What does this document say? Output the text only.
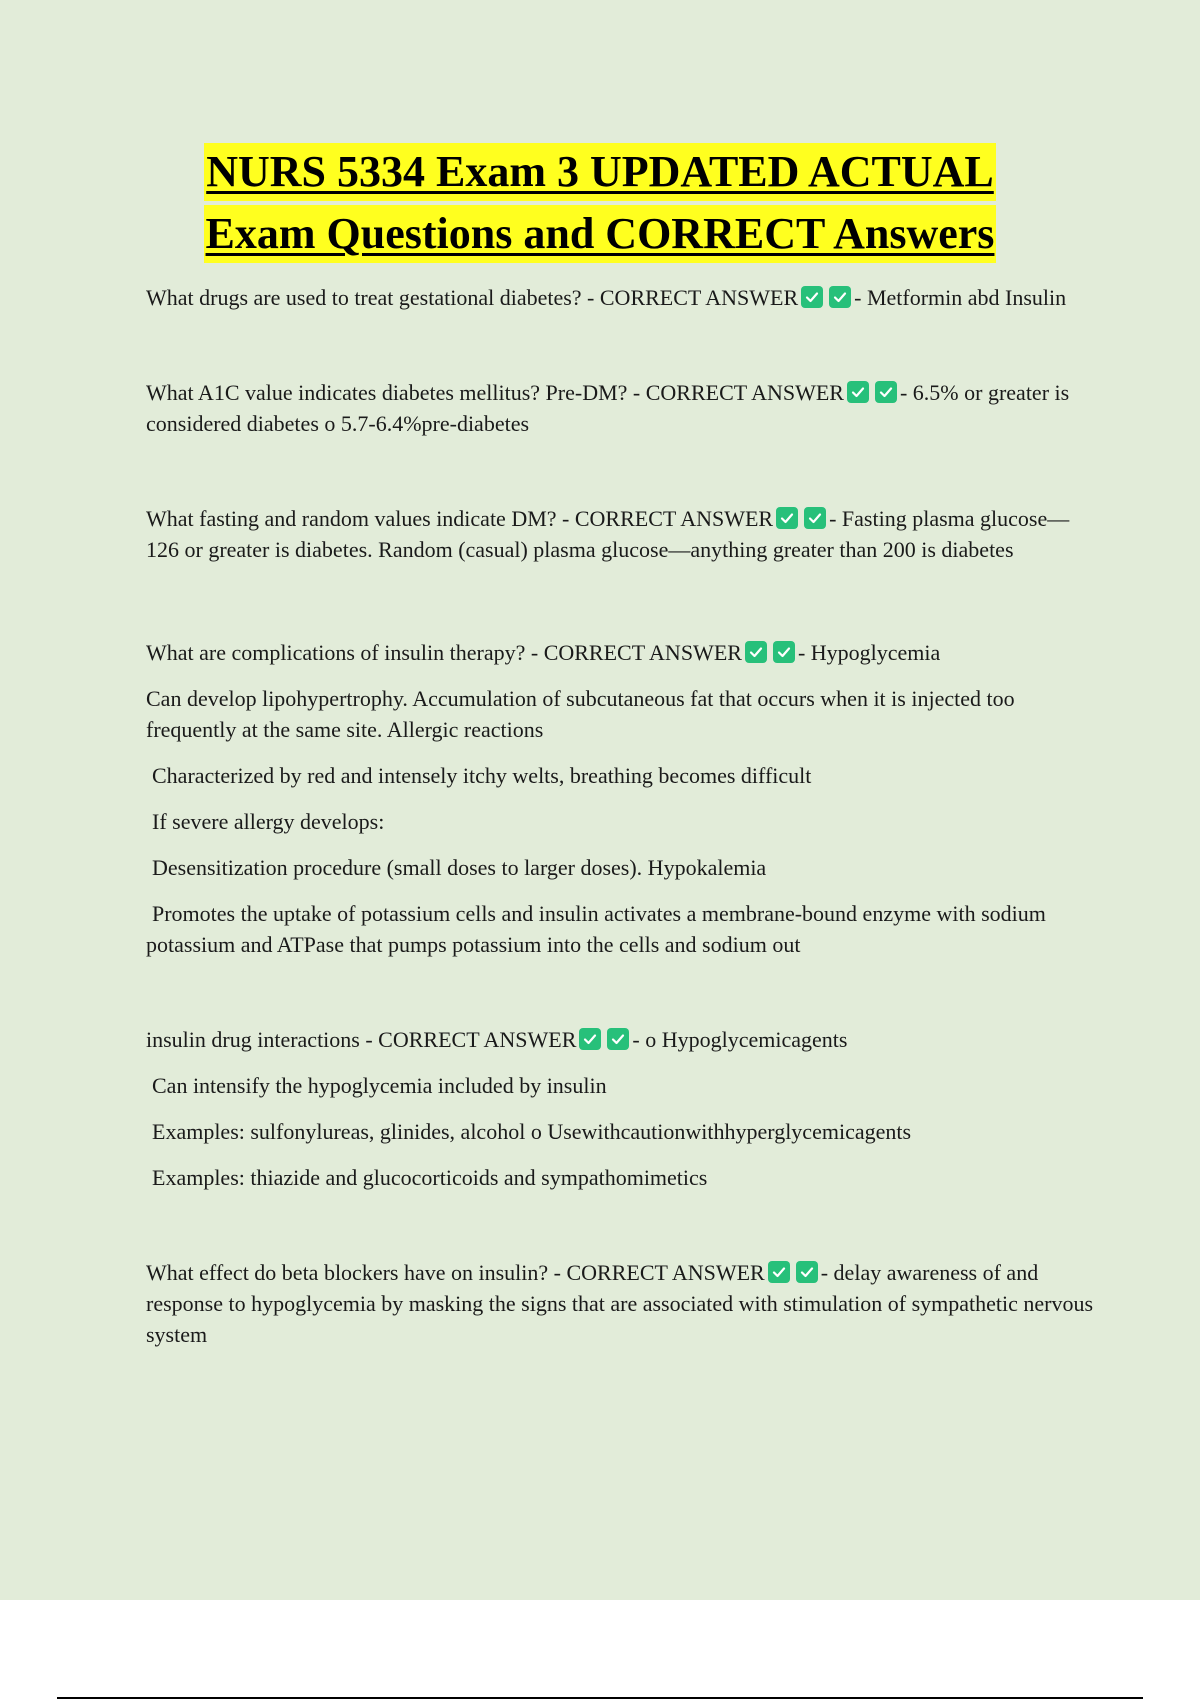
NURS 5334 Exam 3 UPDATED ACTUAL
Exam Questions and CORRECT Answers

What drugs are used to treat gestational diabetes? - CORRECT ANSWER	- Metformin abd Insulin

What A1C value indicates diabetes mellitus? Pre-DM? - CORRECT ANSWER	- 6.5% or greater is considered diabetes o 5.7-6.4%pre-diabetes

What fasting and random values indicate DM? - CORRECT ANSWER	- Fasting plasma glucose—126 or greater is diabetes. Random (casual) plasma glucose—anything greater than 200 is diabetes

What are complications of insulin therapy? - CORRECT ANSWER	- Hypoglycemia

Can develop lipohypertrophy. Accumulation of subcutaneous fat that occurs when it is injected too frequently at the same site. Allergic reactions

Characterized by red and intensely itchy welts, breathing becomes difficult

If severe allergy develops:

Desensitization procedure (small doses to larger doses). Hypokalemia

Promotes the uptake of potassium cells and insulin activates a membrane-bound enzyme with sodium potassium and ATPase that pumps potassium into the cells and sodium out

insulin drug interactions - CORRECT ANSWER	- o Hypoglycemicagents

Can intensify the hypoglycemia included by insulin

Examples: sulfonylureas, glinides, alcohol o Usewithcautionwithhyperglycemicagents

Examples: thiazide and glucocorticoids and sympathomimetics

What effect do beta blockers have on insulin? - CORRECT ANSWER	- delay awareness of and response to hypoglycemia by masking the signs that are associated with stimulation of sympathetic nervous system
